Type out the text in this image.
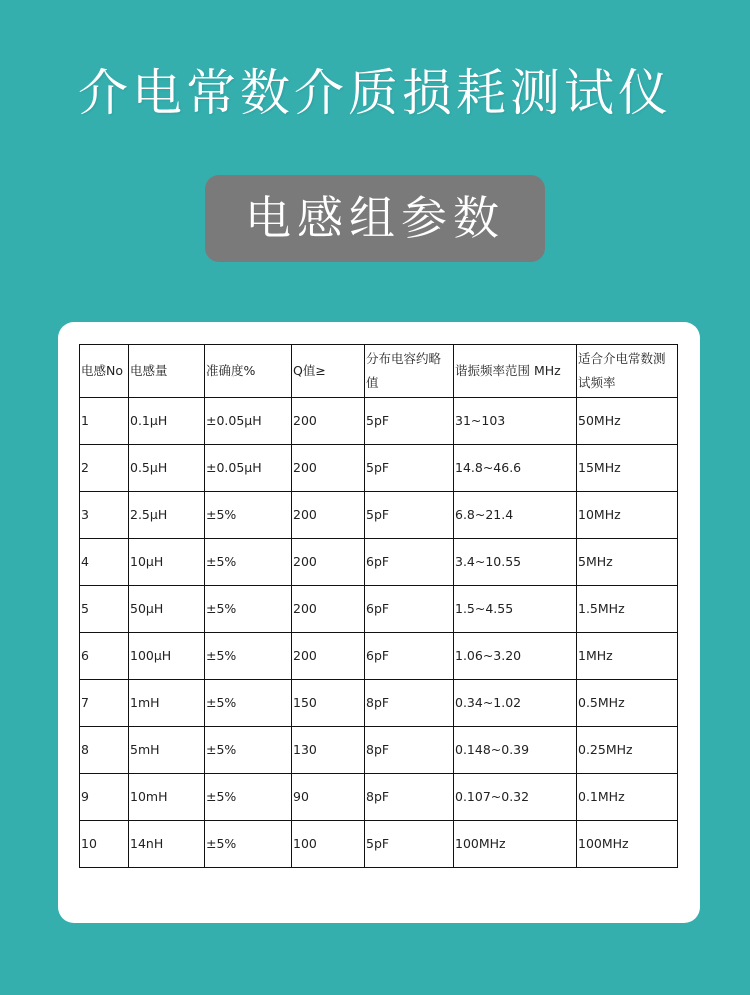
介电常数介质损耗测试仪
电感组参数
电感No	电感量	准确度%	Q值≥	分布电容约略值	谐振频率范围 MHz	适合介电常数测试频率
1	0.1μH	±0.05μH	200	5pF	31~103	50MHz
2	0.5μH	±0.05μH	200	5pF	14.8~46.6	15MHz
3	2.5μH	±5%	200	5pF	6.8~21.4	10MHz
4	10μH	±5%	200	6pF	3.4~10.55	5MHz
5	50μH	±5%	200	6pF	1.5~4.55	1.5MHz
6	100μH	±5%	200	6pF	1.06~3.20	1MHz
7	1mH	±5%	150	8pF	0.34~1.02	0.5MHz
8	5mH	±5%	130	8pF	0.148~0.39	0.25MHz
9	10mH	±5%	90	8pF	0.107~0.32	0.1MHz
10	14nH	±5%	100	5pF	100MHz	100MHz
